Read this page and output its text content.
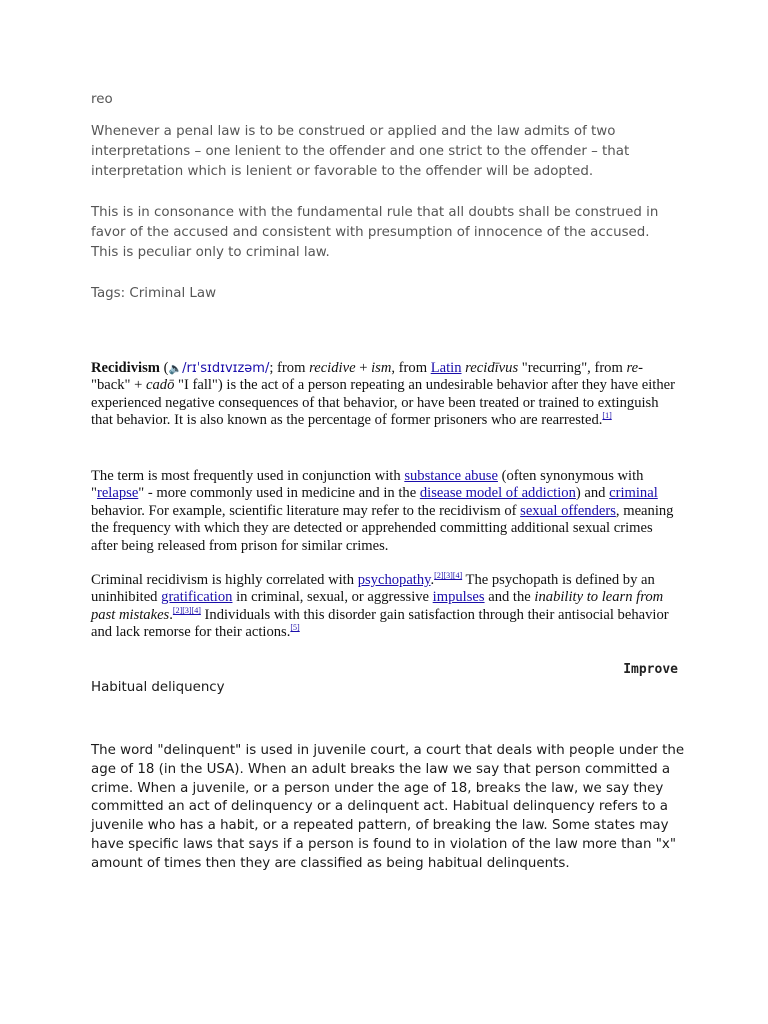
reo

Whenever a penal law is to be construed or applied and the law admits of two interpretations – one lenient to the offender and one strict to the offender – that interpretation which is lenient or favorable to the offender will be adopted.

This is in consonance with the fundamental rule that all doubts shall be construed in favor of the accused and consistent with presumption of innocence of the accused. This is peculiar only to criminal law.

Tags: Criminal Law

Recidivism (🔈/rɪˈsɪdɪvɪzəm/; from recidive + ism, from Latin recidīvus "recurring", from re- "back" + cadō "I fall") is the act of a person repeating an undesirable behavior after they have either experienced negative consequences of that behavior, or have been treated or trained to extinguish that behavior. It is also known as the percentage of former prisoners who are rearrested.[1]

The term is most frequently used in conjunction with substance abuse (often synonymous with "relapse" - more commonly used in medicine and in the disease model of addiction) and criminal behavior. For example, scientific literature may refer to the recidivism of sexual offenders, meaning the frequency with which they are detected or apprehended committing additional sexual crimes after being released from prison for similar crimes.

Criminal recidivism is highly correlated with psychopathy.[2][3][4] The psychopath is defined by an uninhibited gratification in criminal, sexual, or aggressive impulses and the inability to learn from past mistakes.[2][3][4] Individuals with this disorder gain satisfaction through their antisocial behavior and lack remorse for their actions.[5]

Improve
Habitual deliquency

The word "delinquent" is used in juvenile court, a court that deals with people under the age of 18 (in the USA). When an adult breaks the law we say that person committed a crime. When a juvenile, or a person under the age of 18, breaks the law, we say they committed an act of delinquency or a delinquent act. Habitual delinquency refers to a juvenile who has a habit, or a repeated pattern, of breaking the law. Some states may have specific laws that says if a person is found to in violation of the law more than "x" amount of times then they are classified as being habitual delinquents.
